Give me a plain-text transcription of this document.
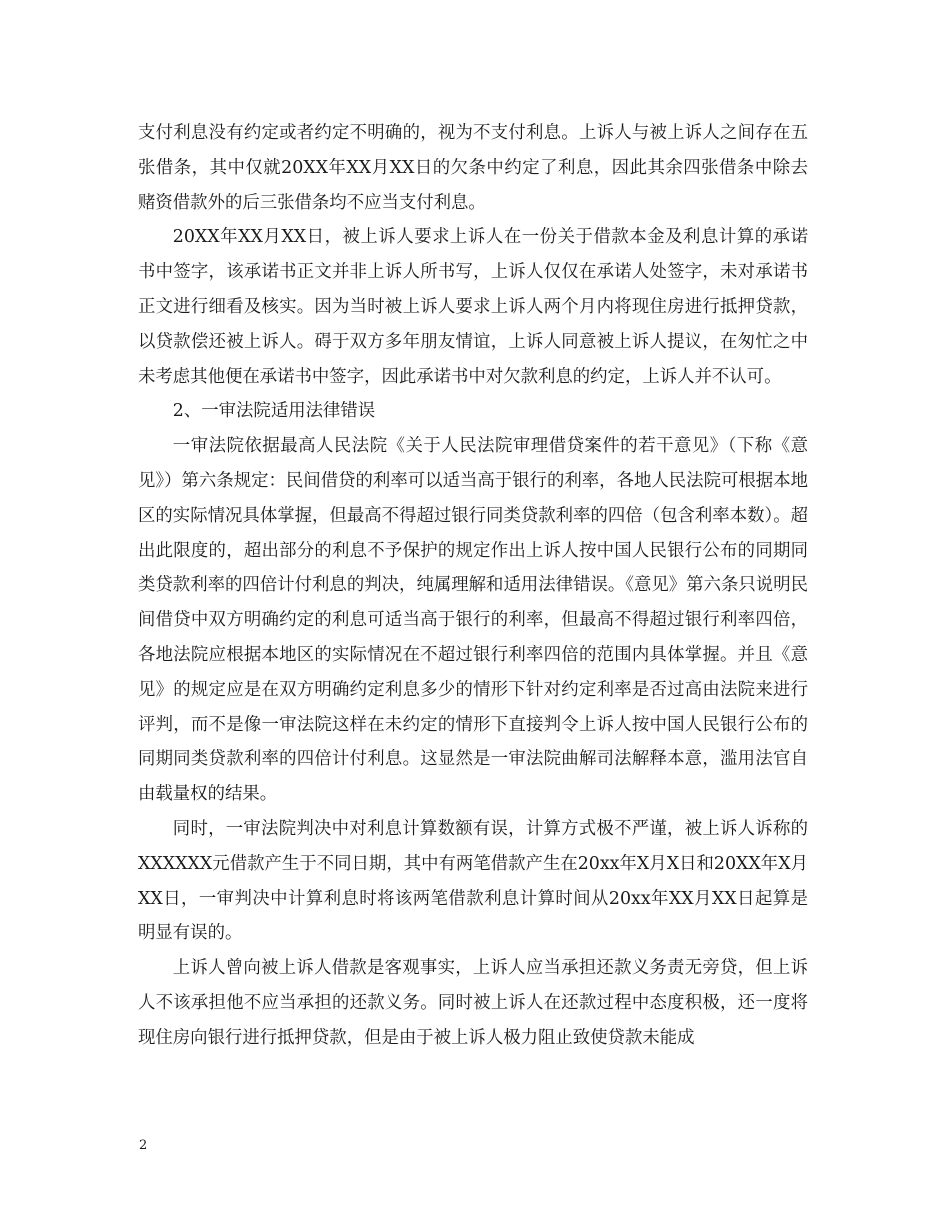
支付利息没有约定或者约定不明确的，视为不支付利息。上诉人与被上诉人之间存在五张借条，其中仅就20XX年XX月XX日的欠条中约定了利息，因此其余四张借条中除去赌资借款外的后三张借条均不应当支付利息。

20XX年XX月XX日，被上诉人要求上诉人在一份关于借款本金及利息计算的承诺书中签字，该承诺书正文并非上诉人所书写，上诉人仅仅在承诺人处签字，未对承诺书正文进行细看及核实。因为当时被上诉人要求上诉人两个月内将现住房进行抵押贷款，以贷款偿还被上诉人。碍于双方多年朋友情谊，上诉人同意被上诉人提议，在匆忙之中未考虑其他便在承诺书中签字，因此承诺书中对欠款利息的约定，上诉人并不认可。

2、一审法院适用法律错误

一审法院依据最高人民法院《关于人民法院审理借贷案件的若干意见》（下称《意见》）第六条规定：民间借贷的利率可以适当高于银行的利率，各地人民法院可根据本地区的实际情况具体掌握，但最高不得超过银行同类贷款利率的四倍（包含利率本数）。超出此限度的，超出部分的利息不予保护的规定作出上诉人按中国人民银行公布的同期同类贷款利率的四倍计付利息的判决，纯属理解和适用法律错误。《意见》第六条只说明民间借贷中双方明确约定的利息可适当高于银行的利率，但最高不得超过银行利率四倍，各地法院应根据本地区的实际情况在不超过银行利率四倍的范围内具体掌握。并且《意见》的规定应是在双方明确约定利息多少的情形下针对约定利率是否过高由法院来进行评判，而不是像一审法院这样在未约定的情形下直接判令上诉人按中国人民银行公布的同期同类贷款利率的四倍计付利息。这显然是一审法院曲解司法解释本意，滥用法官自由载量权的结果。

同时，一审法院判决中对利息计算数额有误，计算方式极不严谨，被上诉人诉称的XXXXXX元借款产生于不同日期，其中有两笔借款产生在20xx年X月X日和20XX年X月XX日，一审判决中计算利息时将该两笔借款利息计算时间从20xx年XX月XX日起算是明显有误的。

上诉人曾向被上诉人借款是客观事实，上诉人应当承担还款义务责无旁贷，但上诉人不该承担他不应当承担的还款义务。同时被上诉人在还款过程中态度积极，还一度将现住房向银行进行抵押贷款，但是由于被上诉人极力阻止致使贷款未能成

2
